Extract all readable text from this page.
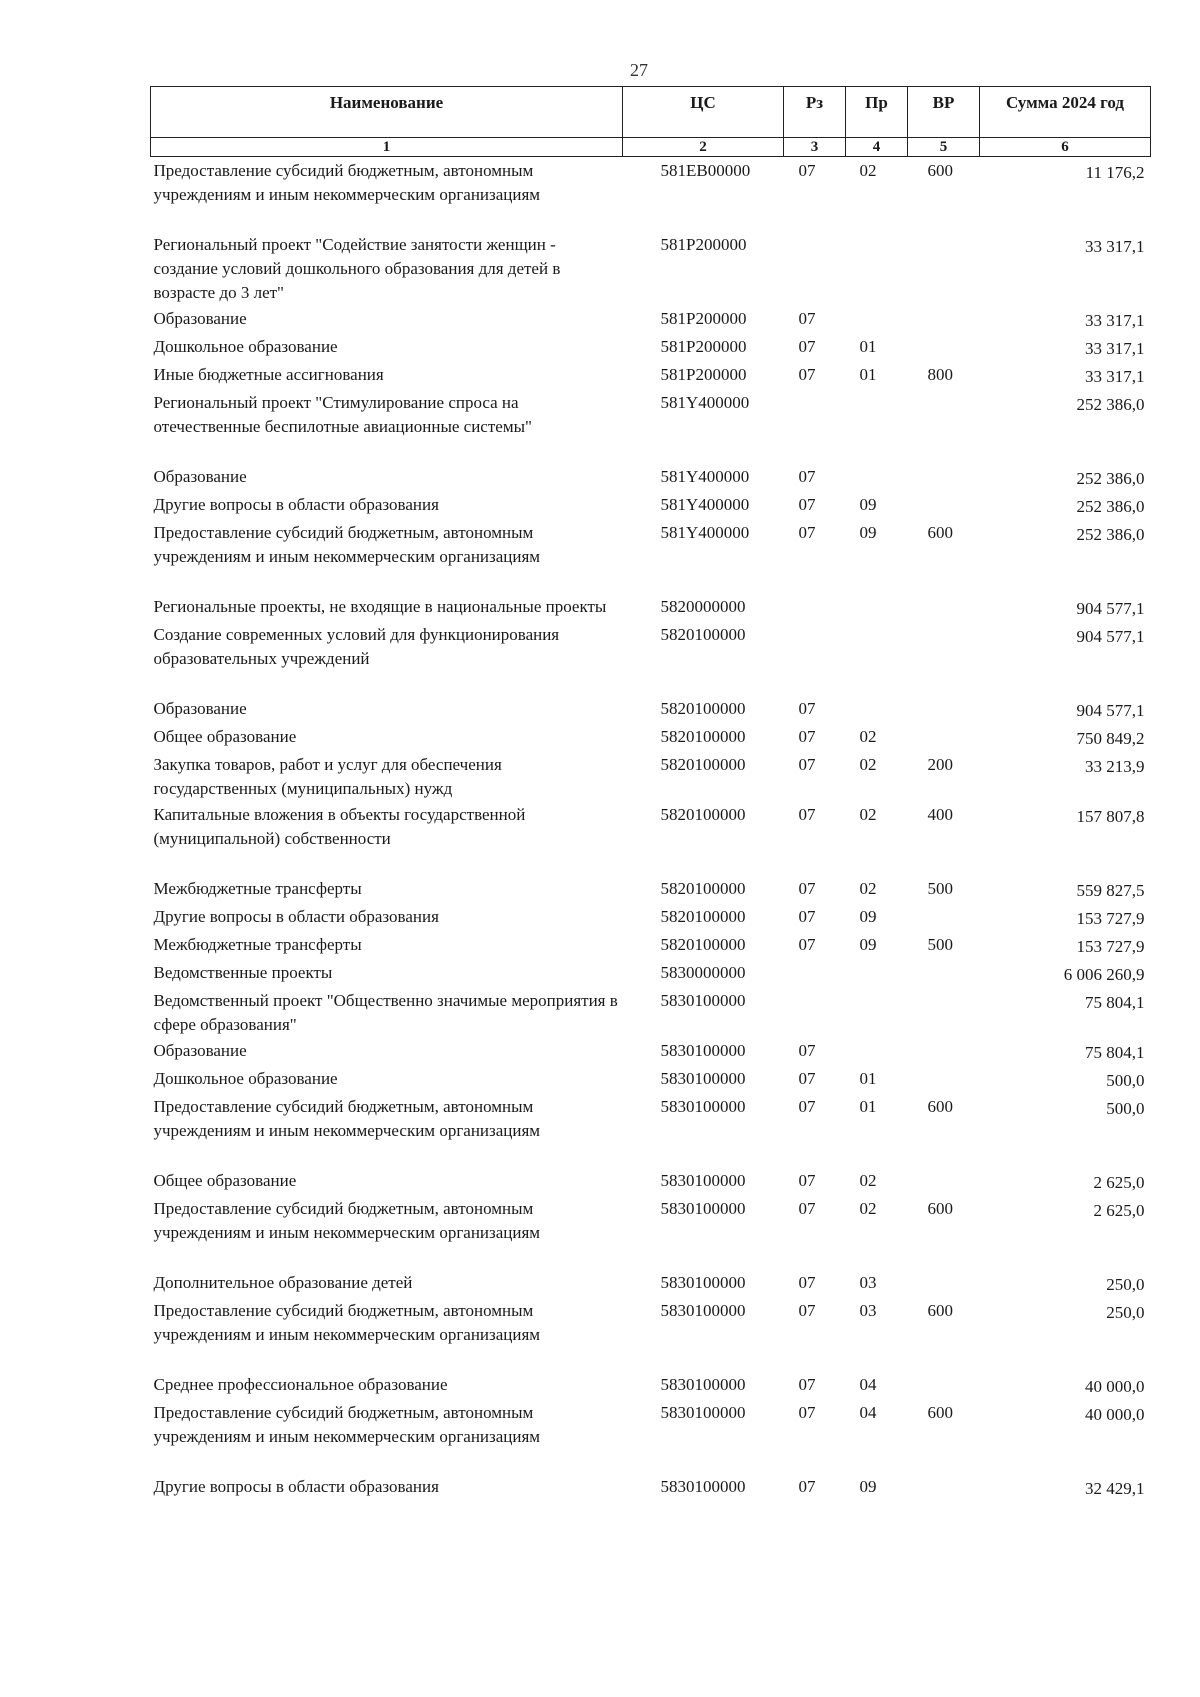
27
Наименование	ЦС	Рз	Пр	ВР	Сумма 2024 год
1	2	3	4	5	6
Предоставление субсидий бюджетным, автономным учреждениям и иным некоммерческим организациям	581EB00000	07	02	600	11 176,2
Региональный проект "Содействие занятости женщин - создание условий дошкольного образования для детей в возрасте до 3 лет"	581P200000				33 317,1
Образование	581P200000	07			33 317,1
Дошкольное образование	581P200000	07	01		33 317,1
Иные бюджетные ассигнования	581P200000	07	01	800	33 317,1
Региональный проект "Стимулирование спроса на отечественные беспилотные авиационные системы"	581Y400000				252 386,0
Образование	581Y400000	07			252 386,0
Другие вопросы в области образования	581Y400000	07	09		252 386,0
Предоставление субсидий бюджетным, автономным учреждениям и иным некоммерческим организациям	581Y400000	07	09	600	252 386,0
Региональные проекты, не входящие в национальные проекты	5820000000				904 577,1
Создание современных условий для функционирования образовательных учреждений	5820100000				904 577,1
Образование	5820100000	07			904 577,1
Общее образование	5820100000	07	02		750 849,2
Закупка товаров, работ и услуг для обеспечения государственных (муниципальных) нужд	5820100000	07	02	200	33 213,9
Капитальные вложения в объекты государственной (муниципальной) собственности	5820100000	07	02	400	157 807,8
Межбюджетные трансферты	5820100000	07	02	500	559 827,5
Другие вопросы в области образования	5820100000	07	09		153 727,9
Межбюджетные трансферты	5820100000	07	09	500	153 727,9
Ведомственные проекты	5830000000				6 006 260,9
Ведомственный проект "Общественно значимые мероприятия в сфере образования"	5830100000				75 804,1
Образование	5830100000	07			75 804,1
Дошкольное образование	5830100000	07	01		500,0
Предоставление субсидий бюджетным, автономным учреждениям и иным некоммерческим организациям	5830100000	07	01	600	500,0
Общее образование	5830100000	07	02		2 625,0
Предоставление субсидий бюджетным, автономным учреждениям и иным некоммерческим организациям	5830100000	07	02	600	2 625,0
Дополнительное образование детей	5830100000	07	03		250,0
Предоставление субсидий бюджетным, автономным учреждениям и иным некоммерческим организациям	5830100000	07	03	600	250,0
Среднее профессиональное образование	5830100000	07	04		40 000,0
Предоставление субсидий бюджетным, автономным учреждениям и иным некоммерческим организациям	5830100000	07	04	600	40 000,0
Другие вопросы в области образования	5830100000	07	09		32 429,1
